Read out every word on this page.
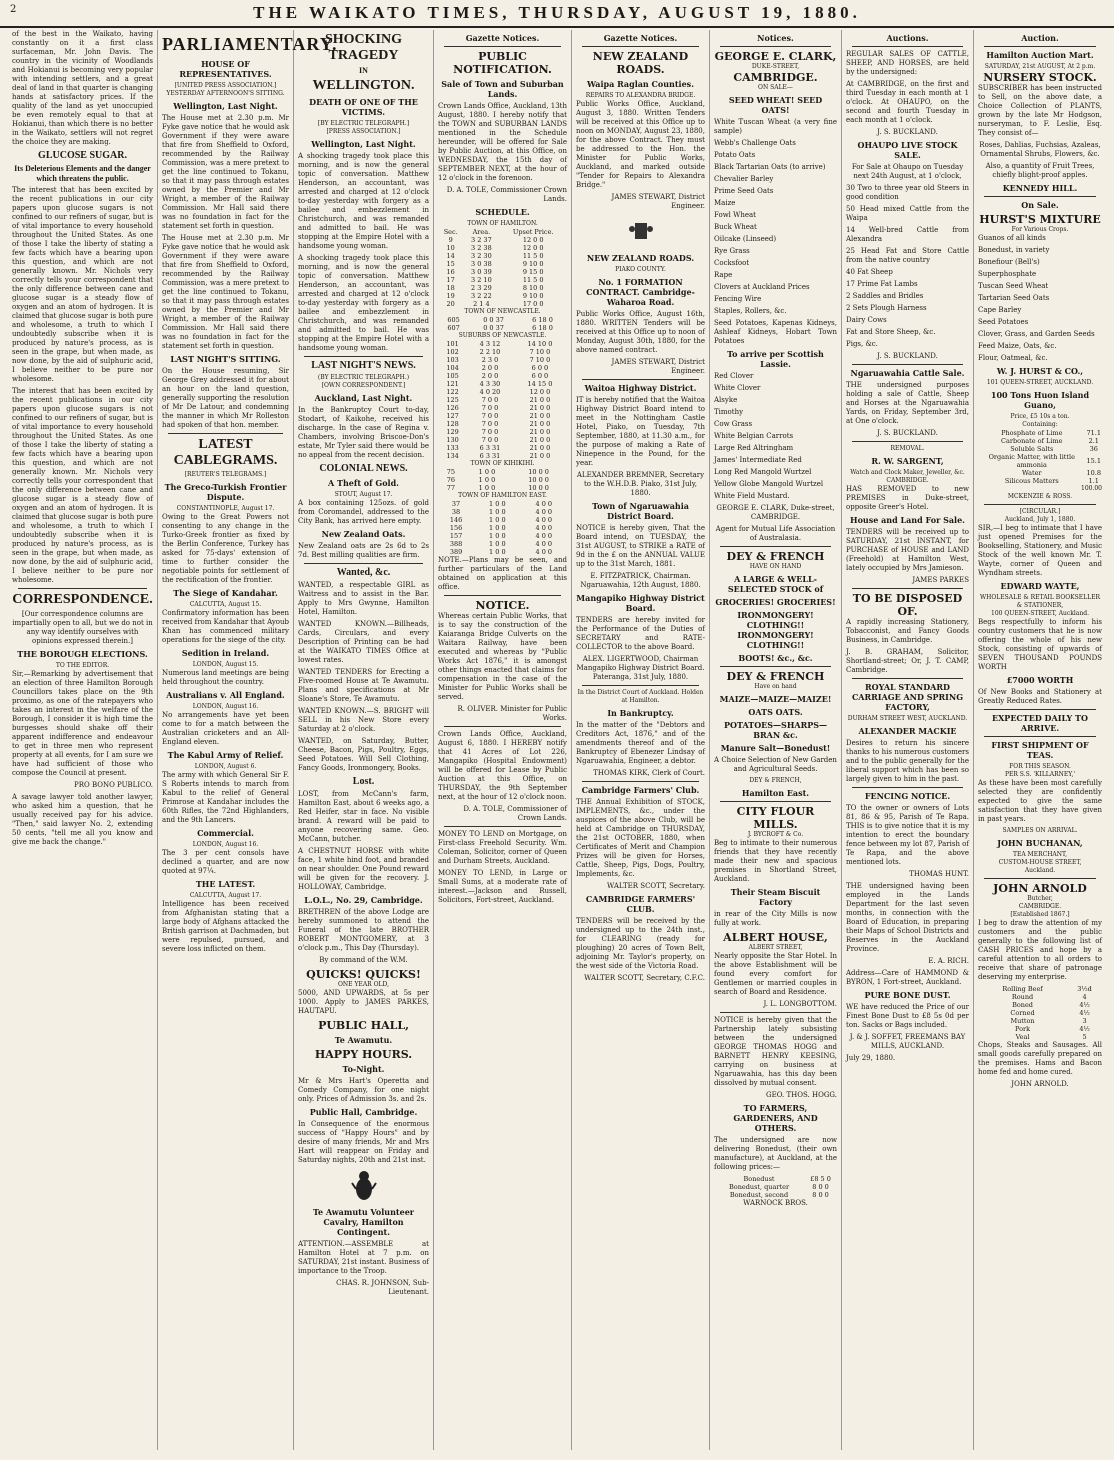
2	THE WAIKATO TIMES, THURSDAY, AUGUST 19, 1880.

of the best in the Waikato, having constantly on it a first class surfaceman, Mr. John Davis. The country in the vicinity of Woodlands and Hokianui is becoming very popular with intending settlers, and a great deal of land in that quarter is changing hands at satisfactory prices. If the quality of the land as yet unoccupied be even remotely equal to that at Hokianui, than which there is no better in the Waikato, settlers will not regret the choice they are making.

GLUCOSE SUGAR.
Its Deleterious Elements and the danger which threatens the public.

The interest that has been excited by the recent publications in our city papers upon glucose sugars is not confined to our refiners of sugar, but is of vital importance to every household throughout the United States. As one of those I take the liberty of stating a few facts which have a bearing upon this question, and which are not generally known. Mr. Nichols very correctly tells your correspondent that the only difference between cane and glucose sugar is a steady flow of oxygen and an atom of hydrogen. It is claimed that glucose sugar is both pure and wholesome, a truth to which I undoubtedly subscribe when it is produced by nature's process, as is seen in the grape, but when made, as now done, by the aid of sulphuric acid, I believe neither to be pure nor wholesome.

The interest that has been excited by the recent publications in our city papers upon glucose sugars is not confined to our refiners of sugar, but is of vital importance to every household throughout the United States. As one of those I take the liberty of stating a few facts which have a bearing upon this question, and which are not generally known. Mr. Nichols very correctly tells your correspondent that the only difference between cane and glucose sugar is a steady flow of oxygen and an atom of hydrogen. It is claimed that glucose sugar is both pure and wholesome, a truth to which I undoubtedly subscribe when it is produced by nature's process, as is seen in the grape, but when made, as now done, by the aid of sulphuric acid, I believe neither to be pure nor wholesome.

CORRESPONDENCE.

[Our correspondence columns are impartially open to all, but we do not in any way identify ourselves with opinions expressed therein.]

THE BOROUGH ELECTIONS.
TO THE EDITOR.

Sir,—Remarking by advertisement that an election of three Hamilton Borough Councillors takes place on the 9th proximo, as one of the ratepayers who takes an interest in the welfare of the Borough, I consider it is high time the burgesses should shake off their apparent indifference and endeavour to get in three men who represent property at all events, for I am sure we have had sufficient of those who compose the Council at present.

PRO BONO PUBLICO.

A savage lawyer told another lawyer, who asked him a question, that he usually received pay for his advice. "Then," said lawyer No. 2, extending 50 cents, "tell me all you know and give me back the change."

PARLIAMENTARY.
HOUSE OF REPRESENTATIVES.
[UNITED PRESS ASSOCIATION.]
YESTERDAY AFTERNOON'S SITTING.
Wellington, Last Night.

The House met at 2.30 p.m. Mr Fyke gave notice that he would ask Government if they were aware that fire from Sheffield to Oxford, recommended by the Railway Commission, was a mere pretext to get the line continued to Tokanu, so that it may pass through estates owned by the Premier and Mr Wright, a member of the Railway Commission. Mr Hall said there was no foundation in fact for the statement set forth in question.

The House met at 2.30 p.m. Mr Fyke gave notice that he would ask Government if they were aware that fire from Sheffield to Oxford, recommended by the Railway Commission, was a mere pretext to get the line continued to Tokanu, so that it may pass through estates owned by the Premier and Mr Wright, a member of the Railway Commission. Mr Hall said there was no foundation in fact for the statement set forth in question.

LAST NIGHT'S SITTING.

On the House resuming, Sir George Grey addressed it for about an hour on the land question, generally supporting the resolution of Mr De Latour, and condemning the manner in which Mr Rolleston had spoken of that hon. member.

LATEST CABLEGRAMS.
[REUTER'S TELEGRAMS.]
The Greco-Turkish Frontier Dispute.
CONSTANTINOPLE, August 17.

Owing to the Great Powers not consenting to any change in the Turko-Greek frontier as fixed by the Berlin Conference, Turkey has asked for 75-days' extension of time to further consider the negotiable points for settlement of the rectification of the frontier.

The Siege of Kandahar.
CALCUTTA, August 15.

Confirmatory information has been received from Kandahar that Ayoub Khan has commenced military operations for the siege of the city.

Sedition in Ireland.
LONDON, August 15.

Numerous land meetings are being held throughout the country.

Australians v. All England.
LONDON, August 16.

No arrangements have yet been come to for a match between the Australian cricketers and an All-England eleven.

The Kabul Army of Relief.
LONDON, August 6.

The army with which General Sir F. S Roberts intends to march from Kabul to the relief of General Primrose at Kandahar includes the 60th Rifles, the 72nd Highlanders, and the 9th Lancers.

Commercial.
LONDON, August 16.

The 3 per cent consols have declined a quarter, and are now quoted at 97¼.

THE LATEST.
CALCUTTA, August 17.

Intelligence has been received from Afghanistan stating that a large body of Afghans attacked the British garrison at Dachmaden, but were repulsed, pursued, and severe loss inflicted on them.

SHOCKING TRAGEDY
IN
WELLINGTON.
DEATH OF ONE OF THE VICTIMS.
[BY ELECTRIC TELEGRAPH.]
[PRESS ASSOCIATION.]
Wellington, Last Night.

A shocking tragedy took place this morning, and is now the general topic of conversation. Matthew Henderson, an accountant, was arrested and charged at 12 o'clock to-day yesterday with forgery as a bailee and embezzlement in Christchurch, and was remanded and admitted to bail. He was stopping at the Empire Hotel with a handsome young woman.

A shocking tragedy took place this morning, and is now the general topic of conversation. Matthew Henderson, an accountant, was arrested and charged at 12 o'clock to-day yesterday with forgery as a bailee and embezzlement in Christchurch, and was remanded and admitted to bail. He was stopping at the Empire Hotel with a handsome young woman.

LAST NIGHT'S NEWS.
(BY ELECTRIC TELEGRAPH.)
[OWN CORRESPONDENT.]
Auckland, Last Night.

In the Bankruptcy Court to-day, Stodart, of Kaikohe, received his discharge. In the case of Regina v. Chambers, involving Briscoe-Don's estate, Mr Tyler said there would be no appeal from the recent decision.

COLONIAL NEWS.
A Theft of Gold.
STOUT, August 17.

A box containing 125ozs. of gold from Coromandel, addressed to the City Bank, has arrived here empty.

New Zealand Oats.

New Zealand oats are 2s 6d to 2s 7d. Best milling qualities are firm.

Wanted, &c.

WANTED, a respectable GIRL as Waitress and to assist in the Bar. Apply to Mrs Gwynne, Hamilton Hotel, Hamilton.

WANTED KNOWN.—Billheads, Cards, Circulars, and every Description of Printing can be had at the WAIKATO TIMES Office at lowest rates.

WANTED TENDERS for Erecting a Five-roomed House at Te Awamutu. Plans and specifications at Mr Sloane's Store, Te Awamutu.

WANTED KNOWN.—S. BRIGHT will SELL in his New Store every Saturday at 2 o'clock.

WANTED, on Saturday, Butter, Cheese, Bacon, Pigs, Poultry, Eggs, Seed Potatoes. Will Sell Clothing, Fancy Goods, Ironmongery, Books.

Lost.

LOST, from McCann's farm, Hamilton East, about 6 weeks ago, a Red Heifer, star in face. No visible brand. A reward will be paid to anyone recovering same. Geo. McCann, butcher.

A CHESTNUT HORSE with white face, 1 white hind foot, and branded on near shoulder. One Pound reward will be given for the recovery. J. HOLLOWAY, Cambridge.

L.O.L., No. 29, Cambridge.

BRETHREN of the above Lodge are hereby summoned to attend the Funeral of the late BROTHER ROBERT MONTGOMERY, at 3 o'clock p.m., This Day (Thursday).

By command of the W.M.

QUICKS! QUICKS!
ONE YEAR OLD,

5000, AND UPWARDS, at 5s per 1000. Apply to JAMES PARKES, HAUTAPU.

PUBLIC HALL,
Te Awamutu.
HAPPY HOURS.
To-Night.

Mr & Mrs Hart's Operetta and Comedy Company, for one night only. Prices of Admission 3s. and 2s.

Public Hall, Cambridge.

In Consequence of the enormous success of "Happy Hours" and by desire of many friends, Mr and Mrs Hart will reappear on Friday and Saturday nights, 20th and 21st inst.

Te Awamutu Volunteer Cavalry, Hamilton Contingent.

ATTENTION.—ASSEMBLE at Hamilton Hotel at 7 p.m. on SATURDAY, 21st instant. Business of importance to the Troop.

CHAS. R. JOHNSON, Sub-Lieutenant.

Gazette Notices.
PUBLIC NOTIFICATION.
Sale of Town and Suburban Lands.

Crown Lands Office, Auckland, 13th August, 1880. I hereby notify that the TOWN and SUBURBAN LANDS mentioned in the Schedule hereunder, will be offered for Sale by Public Auction, at this Office, on WEDNESDAY, the 15th day of SEPTEMBER NEXT, at the hour of 12 o'clock in the forenoon.

D. A. TOLE, Commissioner Crown Lands.

SCHEDULE.
TOWN OF HAMILTON.
Sec.	Area.	Upset Price.
9	3 2 37	12 0 0
10	3 2 38	12 0 0
14	3 2 30	11 5 0
15	3 0 38	9 10 0
16	3 0 39	9 15 0
17	3 2 10	11 5 0
18	2 3 29	8 10 0
19	3 2 22	9 10 0
20	2 1 4	17 0 0
TOWN OF NEWCASTLE.
605	0 0 37	6 18 0
607	0 0 37	6 18 0
SUBURBS OF NEWCASTLE.
101	4 3 12	14 10 0
102	2 2 10	7 10 0
103	2 3 0	7 10 0
104	2 0 0	6 0 0
105	2 0 0	6 0 0
121	4 3 30	14 15 0
122	4 0 20	12 0 0
125	7 0 0	21 0 0
126	7 0 0	21 0 0
127	7 0 0	21 0 0
128	7 0 0	21 0 0
129	7 0 0	21 0 0
130	7 0 0	21 0 0
133	6 3 31	21 0 0
134	6 3 31	21 0 0
TOWN OF KIHIKIHI.
75	1 0 0	10 0 0
76	1 0 0	10 0 0
77	1 0 0	10 0 0
TOWN OF HAMILTON EAST.
37	1 0 0	4 0 0
38	1 0 0	4 0 0
146	1 0 0	4 0 0
156	1 0 0	4 0 0
157	1 0 0	4 0 0
388	1 0 0	4 0 0
389	1 0 0	4 0 0

NOTE.—Plans may be seen, and further particulars of the Land obtained on application at this office.

NOTICE.

Whereas certain Public Works, that is to say the construction of the Kaiaranga Bridge Culverts on the Waitara Railway, have been executed and whereas by "Public Works Act 1876," it is amongst other things enacted that claims for compensation in the case of the Minister for Public Works shall be served.

R. OLIVER. Minister for Public Works.

Crown Lands Office, Auckland, August 6, 1880. I HEREBY notify that 41 Acres of Lot 226, Mangapiko (Hospital Endowment) will be offered for Lease by Public Auction at this Office, on THURSDAY, the 9th September next, at the hour of 12 o'clock noon.

D. A. TOLE, Commissioner of Crown Lands.

MONEY TO LEND on Mortgage, on First-class Freehold Security. Wm. Coleman, Solicitor, corner of Queen and Durham Streets, Auckland.

MONEY TO LEND, in Large or Small Sums, at a moderate rate of interest.—Jackson and Russell, Solicitors, Fort-street, Auckland.

Gazette Notices.
NEW ZEALAND ROADS.
Waipa Raglan Counties.
REPAIRS TO ALEXANDRA BRIDGE.

Public Works Office, Auckland, August 3, 1880. Written Tenders will be received at this Office up to noon on MONDAY, August 23, 1880, for the above Contract. They must be addressed to the Hon. the Minister for Public Works, Auckland, and marked outside "Tender for Repairs to Alexandra Bridge."

JAMES STEWART, District Engineer.

NEW ZEALAND ROADS.
PIAKO COUNTY.
No. 1 FORMATION CONTRACT. Cambridge-Waharoa Road.

Public Works Office, August 16th, 1880. WRITTEN Tenders will be received at this Office up to noon of Monday, August 30th, 1880, for the above named contract.

JAMES STEWART, District Engineer.

Waitoa Highway District.

IT is hereby notified that the Waitoa Highway District Board intend to meet in the Nottingham Castle Hotel, Piako, on Tuesday, 7th September, 1880, at 11.30 a.m., for the purpose of making a Rate of Ninepence in the Pound, for the year.

ALEXANDER BREMNER, Secretary to the W.H.D.B. Piako, 31st July, 1880.

Town of Ngaruawahia District Board.

NOTICE is hereby given, That the Board intend, on TUESDAY, the 31st AUGUST, to STRIKE a RATE of 9d in the £ on the ANNUAL VALUE up to the 31st March, 1881.

E. FITZPATRICK, Chairman. Ngaruawahia, 12th August, 1880.

Mangapiko Highway District Board.

TENDERS are hereby invited for the Performance of the Duties of SECRETARY and RATE-COLLECTOR to the above Board.

ALEX. LIGERTWOOD, Chairman Mangapiko Highway District Board. Pateranga, 31st July, 1880.

In the District Court of Auckland. Holden at Hamilton.
In Bankruptcy.

In the matter of the "Debtors and Creditors Act, 1876," and of the amendments thereof and of the Bankruptcy of Ebenezer Lindsay of Ngaruawahia, Engineer, a debtor.

THOMAS KIRK, Clerk of Court.

Cambridge Farmers' Club.

THE Annual Exhibition of STOCK, IMPLEMENTS, &c., under the auspices of the above Club, will be held at Cambridge on THURSDAY, the 21st OCTOBER, 1880, when Certificates of Merit and Champion Prizes will be given for Horses, Cattle, Sheep, Pigs, Dogs, Poultry, Implements, &c.

WALTER SCOTT, Secretary.

CAMBRIDGE FARMERS' CLUB.

TENDERS will be received by the undersigned up to the 24th inst., for CLEARING (ready for ploughing) 20 acres of Town Belt, adjoining Mr. Taylor's property, on the west side of the Victoria Road.

WALTER SCOTT, Secretary, C.F.C.

Notices.
GEORGE E. CLARK,
DUKE-STREET,
CAMBRIDGE.
ON SALE—
SEED WHEAT! SEED OATS!

White Tuscan Wheat (a very fine sample)

Webb's Challenge Oats

Potato Oats

Black Tartarian Oats (to arrive)

Chevalier Barley

Prime Seed Oats

Maize

Fowl Wheat

Buck Wheat

Oilcake (Linseed)

Rye Grass

Cocksfoot

Rape

Clovers at Auckland Prices

Fencing Wire

Staples, Rollers, &c.

Seed Potatoes, Kapenas Kidneys, Ashleaf Kidneys, Hobart Town Potatoes

To arrive per Scottish Lassie.

Red Clover

White Clover

Alsyke

Timothy

Cow Grass

White Belgian Carrots

Large Red Altringham

James' Intermediate Red

Long Red Mangold Wurtzel

Yellow Globe Mangold Wurtzel

White Field Mustard.

GEORGE E. CLARK, Duke-street, CAMBRIDGE.

Agent for Mutual Life Association of Australasia.

DEY & FRENCH
HAVE ON HAND
A LARGE & WELL-SELECTED STOCK of
GROCERIES! GROCERIES!
IRONMONGERY! CLOTHING!! IRONMONGERY! CLOTHING!!
BOOTS! &c., &c.
DEY & FRENCH
Have on hand
MAIZE—MAIZE—MAIZE!
OATS OATS.
POTATOES—SHARPS—BRAN &c.
Manure Salt—Bonedust!

A Choice Selection of New Garden and Agricultural Seeds.

DEY & FRENCH,
Hamilton East.
CITY FLOUR MILLS.
J. BYCROFT & Co.

Beg to intimate to their numerous friends that they have recently made their new and spacious premises in Shortland Street, Auckland.

Their Steam Biscuit Factory

in rear of the City Mills is now fully at work.

ALBERT HOUSE,
ALBERT STREET,

Nearly opposite the Star Hotel. In the above Establishment will be found every comfort for Gentlemen or married couples in search of Board and Residence.

J. L. LONGBOTTOM.

NOTICE is hereby given that the Partnership lately subsisting between the undersigned GEORGE THOMAS HOGG and BARNETT HENRY KEESING, carrying on business at Ngaruawahia, has this day been dissolved by mutual consent.

GEO. THOS. HOGG.

TO FARMERS, GARDENERS, AND OTHERS.

The undersigned are now delivering Bonedust, (their own manufacture), at Auckland, at the following prices:—

Bonedust	£8 5 0
Bonedust, quarter	8 0 0
Bonedust, second	8 0 0

WARNOCK BROS.

Auctions.

REGULAR SALES OF CATTLE, SHEEP, AND HORSES, are held by the undersigned:

At CAMBRIDGE, on the first and third Tuesday in each month at 1 o'clock. At OHAUPO, on the second and fourth Tuesday in each month at 1 o'clock.

J. S. BUCKLAND.

OHAUPO LIVE STOCK SALE.

For Sale at Ohaupo on Tuesday next 24th August, at 1 o'clock,

30 Two to three year old Steers in good condition

50 Head mixed Cattle from the Waipa

14 Well-bred Cattle from Alexandra

25 Head Fat and Store Cattle from the native country

40 Fat Sheep

17 Prime Fat Lambs

2 Saddles and Bridles

2 Sets Plough Harness

Dairy Cows

Fat and Store Sheep, &c.

Pigs, &c.

J. S. BUCKLAND.

Ngaruawahia Cattle Sale.

THE undersigned purposes holding a sale of Cattle, Sheep and Horses at the Ngaruawahia Yards, on Friday, September 3rd, at One o'clock.

J. S. BUCKLAND.

REMOVAL.
R. W. SARGENT,
Watch and Clock Maker, Jeweller, &c.
CAMBRIDGE.

HAS REMOVED to new PREMISES in Duke-street, opposite Greer's Hotel.

House and Land For Sale.

TENDERS will be received up to SATURDAY, 21st INSTANT, for PURCHASE of HOUSE and LAND (Freehold) at Hamilton West, lately occupied by Mrs Jamieson.

JAMES PARKES

TO BE DISPOSED OF.

A rapidly increasing Stationery, Tobacconist, and Fancy Goods Business, in Cambridge.

J. B. GRAHAM, Solicitor, Shortland-street; Or, J. T. CAMP, Cambridge.

ROYAL STANDARD CARRIAGE AND SPRING FACTORY,
DURHAM STREET WEST, AUCKLAND.
ALEXANDER MACKIE

Desires to return his sincere thanks to his numerous customers and to the public generally for the liberal support which has been so largely given to him in the past.

FENCING NOTICE.

TO the owner or owners of Lots 81, 86 & 95, Parish of Te Rapa. THIS is to give notice that it is my intention to erect the boundary fence between my lot 87, Parish of Te Rapa, and the above mentioned lots.

THOMAS HUNT.

THE undersigned having been employed in the Lands Department for the last seven months, in connection with the Board of Education, in preparing their Maps of School Districts and Reserves in the Auckland Province.

E. A. RICH.

Address—Care of HAMMOND & BYRON, 1 Fort-street, Auckland.

PURE BONE DUST.

WE have reduced the Price of our Finest Bone Dust to £8 5s 0d per ton. Sacks or Bags included.

J. & J. SOFFET, FREEMANS BAY MILLS, AUCKLAND.

July 29, 1880.

Auction.
Hamilton Auction Mart.
SATURDAY, 21st AUGUST, At 2 p.m.
NURSERY STOCK.

SUBSCRIBER has been instructed to Sell, on the above date, a Choice Collection of PLANTS, grown by the late Mr Hodgson, nurseryman, to F. Leslie, Esq. They consist of—

Roses, Dahlias, Fuchsias, Azaleas, Ornamental Shrubs, Flowers, &c.

Also, a quantity of Fruit Trees, chiefly blight-proof apples.

KENNEDY HILL.
On Sale.
HURST'S MIXTURE
For Various Crops.

Guanos of all kinds

Bonedust, in variety

Bonefiour (Bell's)

Superphosphate

Tuscan Seed Wheat

Tartarian Seed Oats

Cape Barley

Seed Potatoes

Clover, Grass, and Garden Seeds

Feed Maize, Oats, &c.

Flour, Oatmeal, &c.

W. J. HURST & CO.,
101 QUEEN-STREET, AUCKLAND.
100 Tons Huon Island Guano,
Price, £5 10s a ton.
Containing:
Phosphate of Lime	71.1
Carbonate of Lime	2.1
Soluble Salts	36
Organic Matter, with little ammonia	15.1
Water	10.8
Silicous Matters	1.1
100.00
MCKENZIE & ROSS.
[CIRCULAR.]
Auckland, July 1, 1880.

SIR,—I beg to intimate that I have just opened Premises for the Bookselling, Stationery, and Music Stock of the well known Mr. T. Wayte, corner of Queen and Wyndham streets.

EDWARD WAYTE,
WHOLESALE & RETAIL BOOKSELLER & STATIONER,
100 QUEEN-STREET, Auckland.

Begs respectfully to inform his country customers that he is now offering the whole of his new Stock, consisting of upwards of SEVEN THOUSAND POUNDS WORTH

£7000 WORTH

Of New Books and Stationery at Greatly Reduced Rates.

EXPECTED DAILY TO ARRIVE.
FIRST SHIPMENT OF TEAS.
FOR THIS SEASON.
PER S.S. 'KILLARNEY,'

As these have been most carefully selected they are confidently expected to give the same satisfaction that they have given in past years.

SAMPLES ON ARRIVAL.
JOHN BUCHANAN,
TEA MERCHANT,
CUSTOM-HOUSE STREET,
Auckland.
JOHN ARNOLD
Butcher,
CAMBRIDGE.
[Established 1867.]

I beg to draw the attention of my customers and the public generally to the following list of CASH PRICES and hope by a careful attention to all orders to receive that share of patronage deserving my enterprise.

Rolling Beef	3½d
Round	4
Boned	4½
Corned	4½
Mutton	3
Pork	4½
Veal	5

Chops, Steaks and Sausages. All small goods carefully prepared on the premises. Hams and Bacon home fed and home cured.

JOHN ARNOLD.
